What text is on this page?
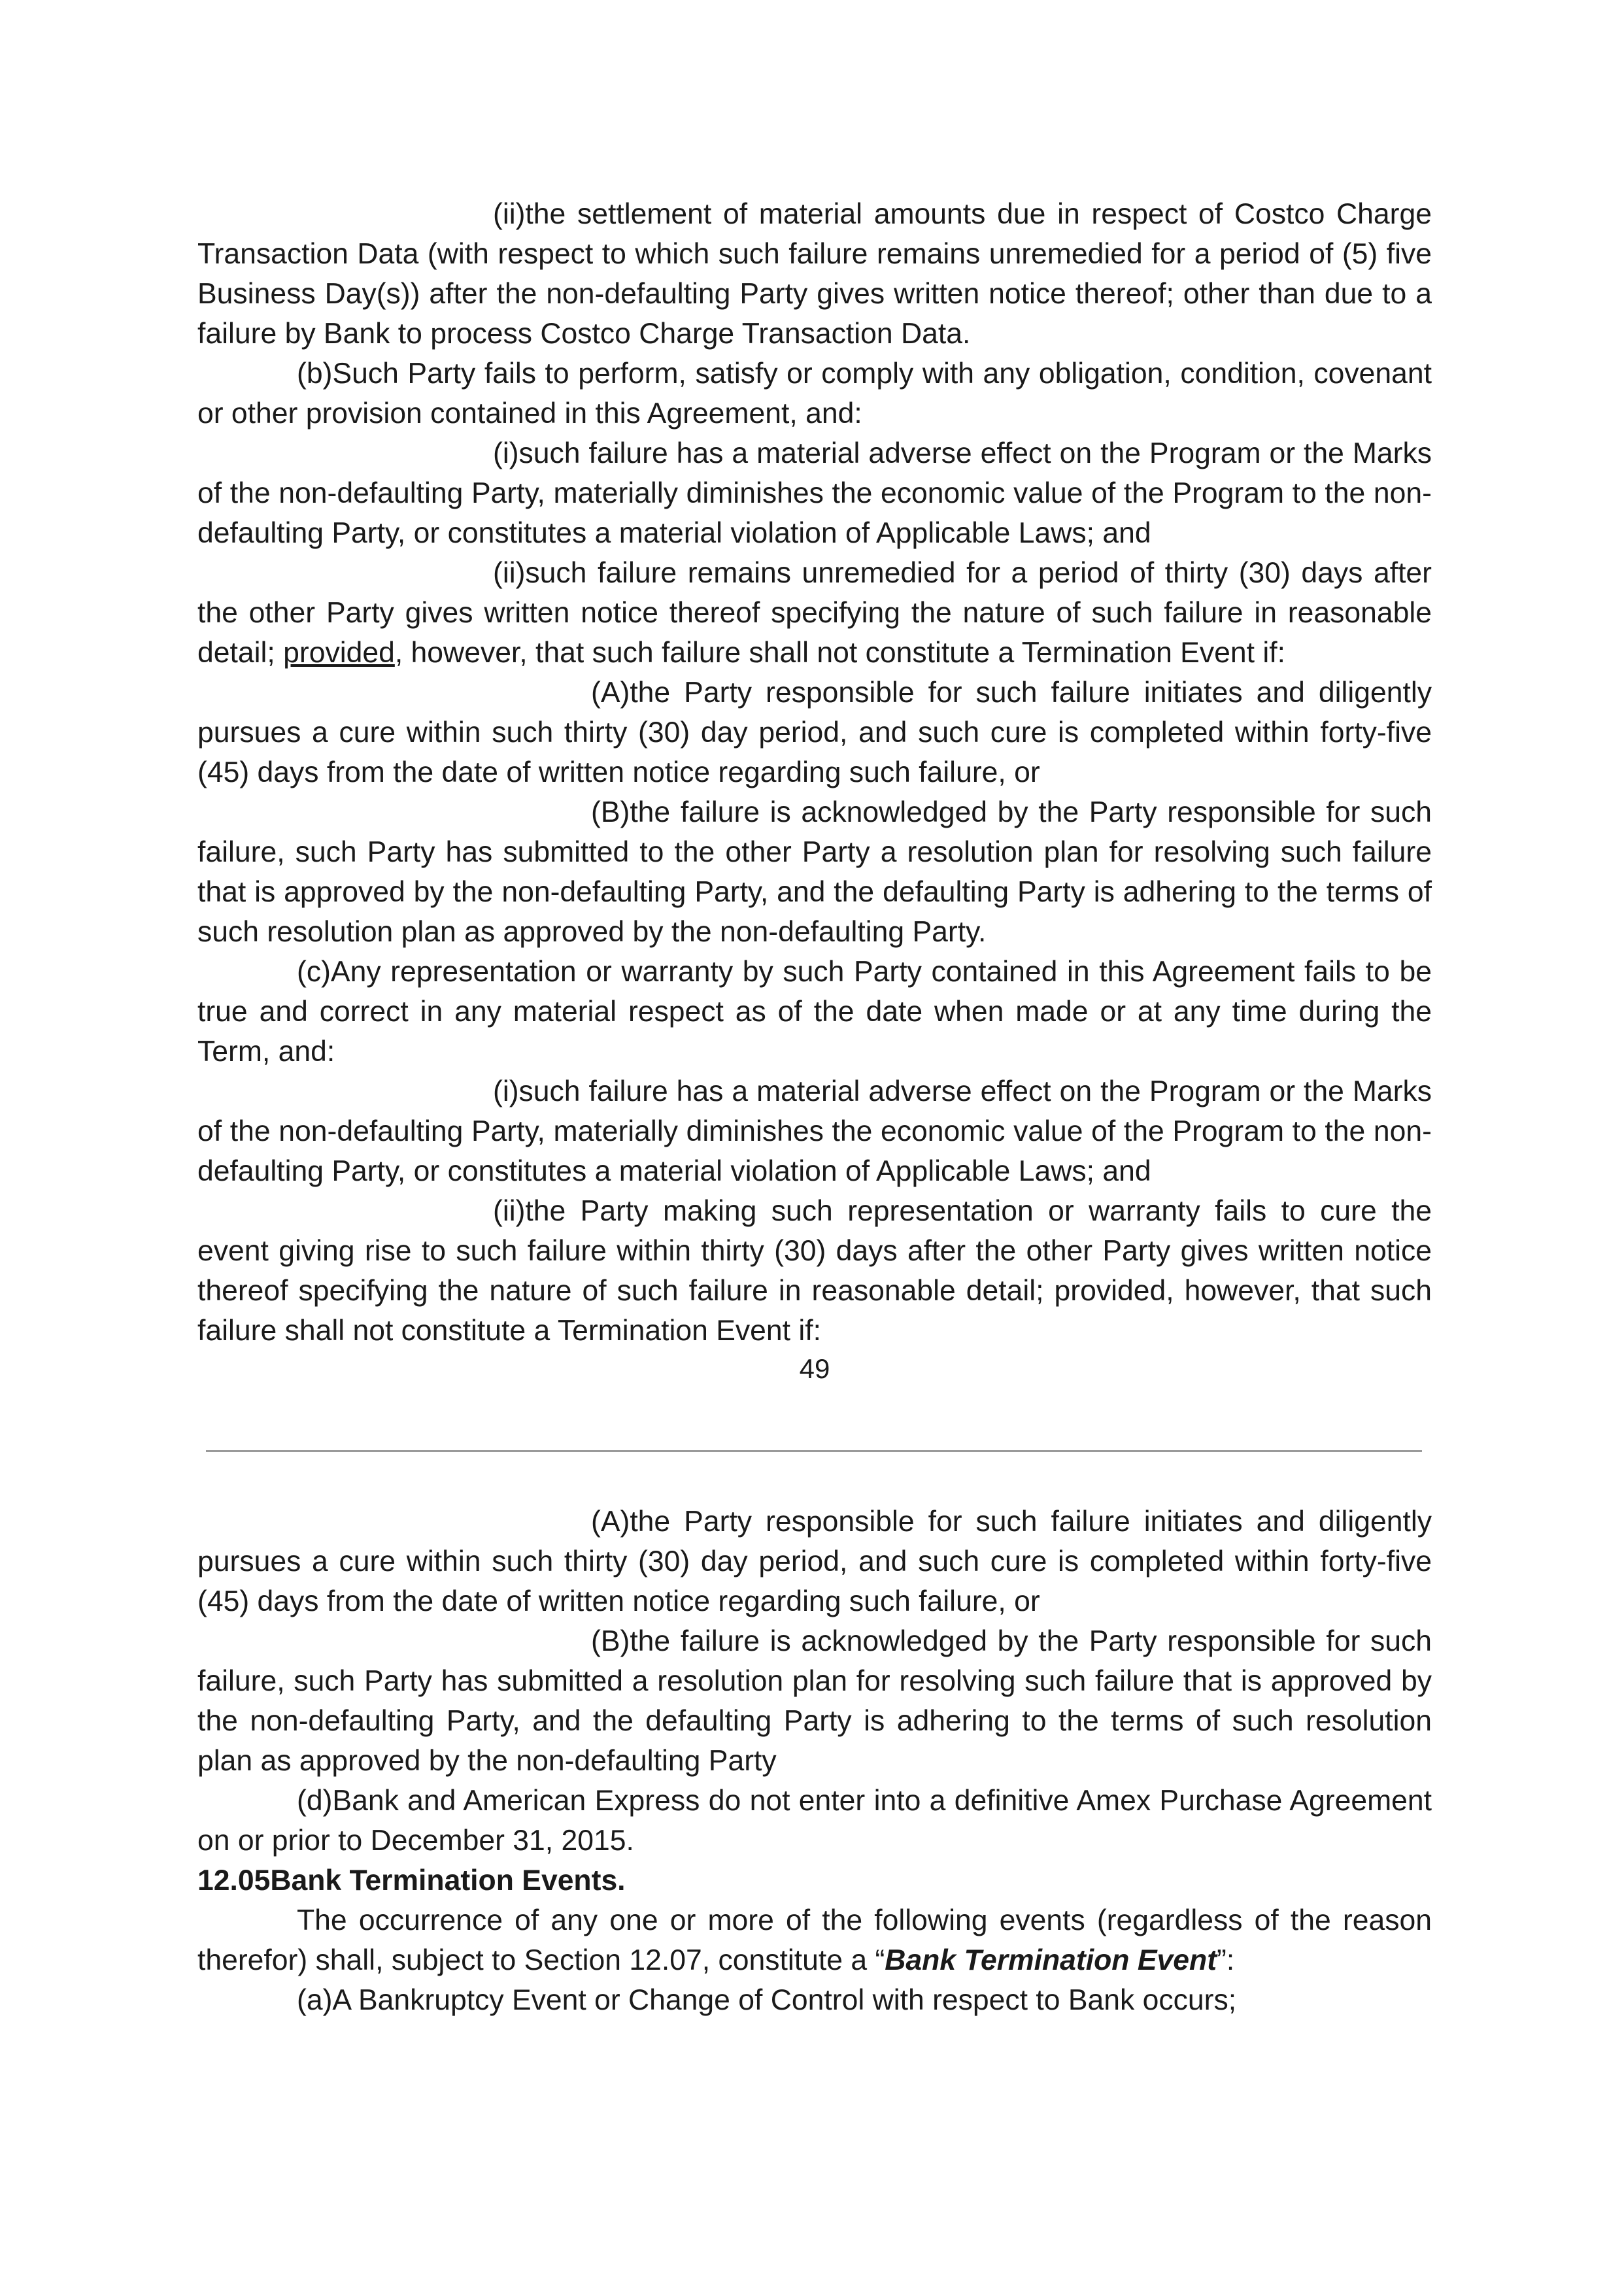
(ii)the settlement of material amounts due in respect of Costco Charge Transaction Data (with respect to which such failure remains unremedied for a period of (5) five Business Day(s)) after the non-defaulting Party gives written notice thereof; other than due to a failure by Bank to process Costco Charge Transaction Data.

(b)Such Party fails to perform, satisfy or comply with any obligation, condition, covenant or other provision contained in this Agreement, and:

(i)such failure has a material adverse effect on the Program or the Marks of the non-defaulting Party, materially diminishes the economic value of the Program to the non-defaulting Party, or constitutes a material violation of Applicable Laws; and

(ii)such failure remains unremedied for a period of thirty (30) days after the other Party gives written notice thereof specifying the nature of such failure in reasonable detail; provided, however, that such failure shall not constitute a Termination Event if:

(A)the Party responsible for such failure initiates and diligently pursues a cure within such thirty (30) day period, and such cure is completed within forty-five (45) days from the date of written notice regarding such failure, or

(B)the failure is acknowledged by the Party responsible for such failure, such Party has submitted to the other Party a resolution plan for resolving such failure that is approved by the non-defaulting Party, and the defaulting Party is adhering to the terms of such resolution plan as approved by the non-defaulting Party.

(c)Any representation or warranty by such Party contained in this Agreement fails to be true and correct in any material respect as of the date when made or at any time during the Term, and:

(i)such failure has a material adverse effect on the Program or the Marks of the non-defaulting Party, materially diminishes the economic value of the Program to the non-defaulting Party, or constitutes a material violation of Applicable Laws; and

(ii)the Party making such representation or warranty fails to cure the event giving rise to such failure within thirty (30) days after the other Party gives written notice thereof specifying the nature of such failure in reasonable detail; provided, however, that such failure shall not constitute a Termination Event if:

49

(A)the Party responsible for such failure initiates and diligently pursues a cure within such thirty (30) day period, and such cure is completed within forty-five (45) days from the date of written notice regarding such failure, or

(B)the failure is acknowledged by the Party responsible for such failure, such Party has submitted a resolution plan for resolving such failure that is approved by the non-defaulting Party, and the defaulting Party is adhering to the terms of such resolution plan as approved by the non-defaulting Party

(d)Bank and American Express do not enter into a definitive Amex Purchase Agreement on or prior to December 31, 2015.

12.05Bank Termination Events.

The occurrence of any one or more of the following events (regardless of the reason therefor) shall, subject to Section 12.07, constitute a “Bank Termination Event”:

(a)A Bankruptcy Event or Change of Control with respect to Bank occurs;
